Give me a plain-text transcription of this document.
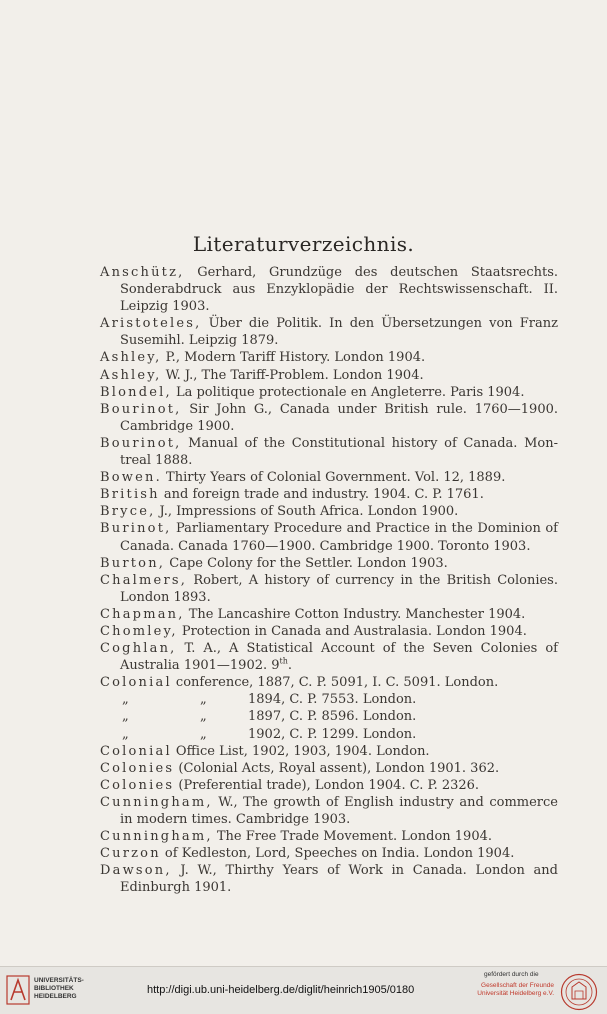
Literaturverzeichnis.

Anschütz, Gerhard, Grundzüge des deutschen Staatsrechts. Sonderabdruck aus Enzyklopädie der Rechtswissenschaft. II. Leipzig 1903.

Aristoteles, Über die Politik. In den Übersetzungen von Franz Susemihl. Leipzig 1879.

Ashley, P., Modern Tariff History. London 1904.

Ashley, W. J., The Tariff-Problem. London 1904.

Blondel, La politique protectionale en Angleterre. Paris 1904.

Bourinot, Sir John G., Canada under British rule. 1760—1900. Cambridge 1900.

Bourinot, Manual of the Constitutional history of Canada. Montreal 1888.

Bowen. Thirty Years of Colonial Government. Vol. 12, 1889.

British and foreign trade and industry. 1904. C. P. 1761.

Bryce, J., Impressions of South Africa. London 1900.

Burinot, Parliamentary Procedure and Practice in the Dominion of Canada. Canada 1760—1900. Cambridge 1900. Toronto 1903.

Burton, Cape Colony for the Settler. London 1903.

Chalmers, Robert, A history of currency in the British Colonies. London 1893.

Chapman, The Lancashire Cotton Industry. Manchester 1904.

Chomley, Protection in Canada and Australasia. London 1904.

Coghlan, T. A., A Statistical Account of the Seven Colonies of Australia 1901—1902. 9th.

Colonial conference, 1887, C. P. 5091, I. C. 5091. London.

„	„	1894, C. P. 7553. London.

„	„	1897, C. P. 8596. London.

„	„	1902, C. P. 1299. London.

Colonial Office List, 1902, 1903, 1904. London.

Colonies (Colonial Acts, Royal assent), London 1901. 362.

Colonies (Preferential trade), London 1904. C. P. 2326.

Cunningham, W., The growth of English industry and commerce in modern times. Cambridge 1903.

Cunningham, The Free Trade Movement. London 1904.

Curzon of Kedleston, Lord, Speeches on India. London 1904.

Dawson, J. W., Thirthy Years of Work in Canada. London and Edinburgh 1901.

UNIVERSITÄTS-
BIBLIOTHEK
HEIDELBERG
http://digi.ub.uni-heidelberg.de/diglit/heinrich1905/0180
gefördert durch die
Gesellschaft der Freunde
Universität Heidelberg e.V.
